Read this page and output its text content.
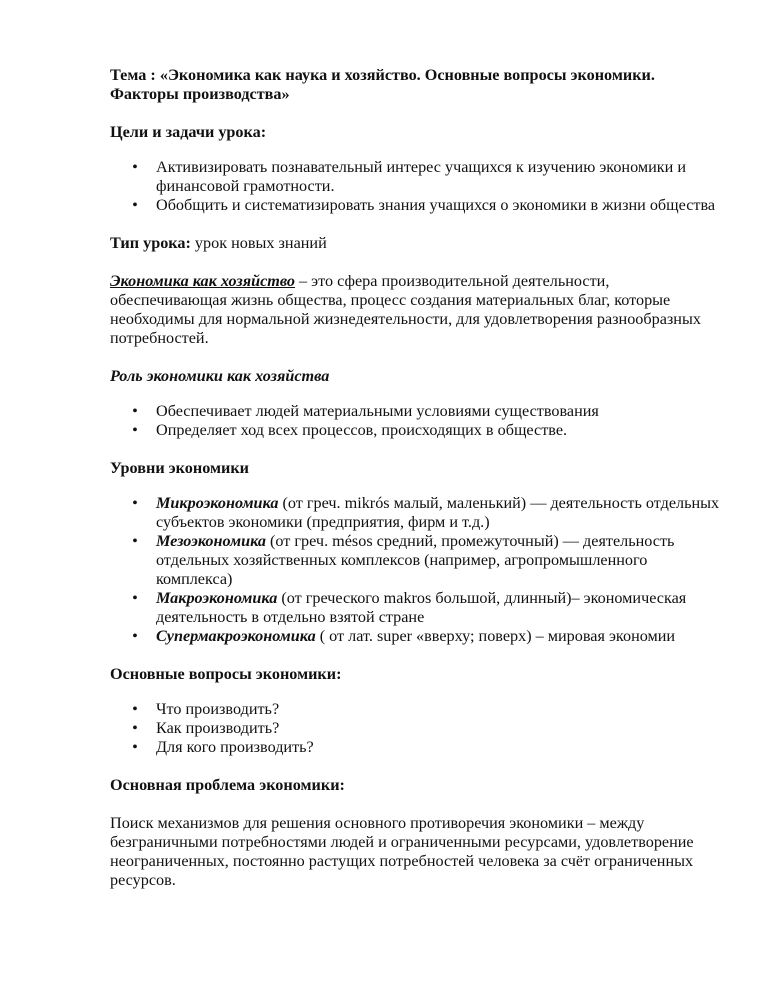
Тема : «Экономика как наука и хозяйство. Основные вопросы экономики. Факторы производства»

Цели и задачи урока:

• Активизировать познавательный интерес учащихся к изучению экономики и финансовой грамотности.
• Обобщить и систематизировать знания учащихся о экономики в жизни общества

Тип урока: урок новых знаний

Экономика как хозяйство – это сфера производительной деятельности, обеспечивающая жизнь общества, процесс создания материальных благ, которые необходимы для нормальной жизнедеятельности, для удовлетворения разнообразных потребностей.

Роль экономики как хозяйства

• Обеспечивает людей материальными условиями существования
• Определяет ход всех процессов, происходящих в обществе.

Уровни экономики

• Микроэкономика (от греч. mikrós малый, маленький) — деятельность отдельных субъектов экономики (предприятия, фирм и т.д.)
• Мезоэкономика (от греч. mésos средний, промежуточный) — деятельность отдельных хозяйственных комплексов (например, агропромышленного комплекса)
• Макроэкономика (от греческого makros большой, длинный)– экономическая деятельность в отдельно взятой стране
• Супермакроэкономика ( от лат. super «вверху; поверх) – мировая экономии

Основные вопросы экономики:

• Что производить?
• Как производить?
• Для кого производить?

Основная проблема экономики:

Поиск механизмов для решения основного противоречия экономики – между безграничными потребностями людей и ограниченными ресурсами, удовлетворение неограниченных, постоянно растущих потребностей человека за счёт ограниченных ресурсов.
